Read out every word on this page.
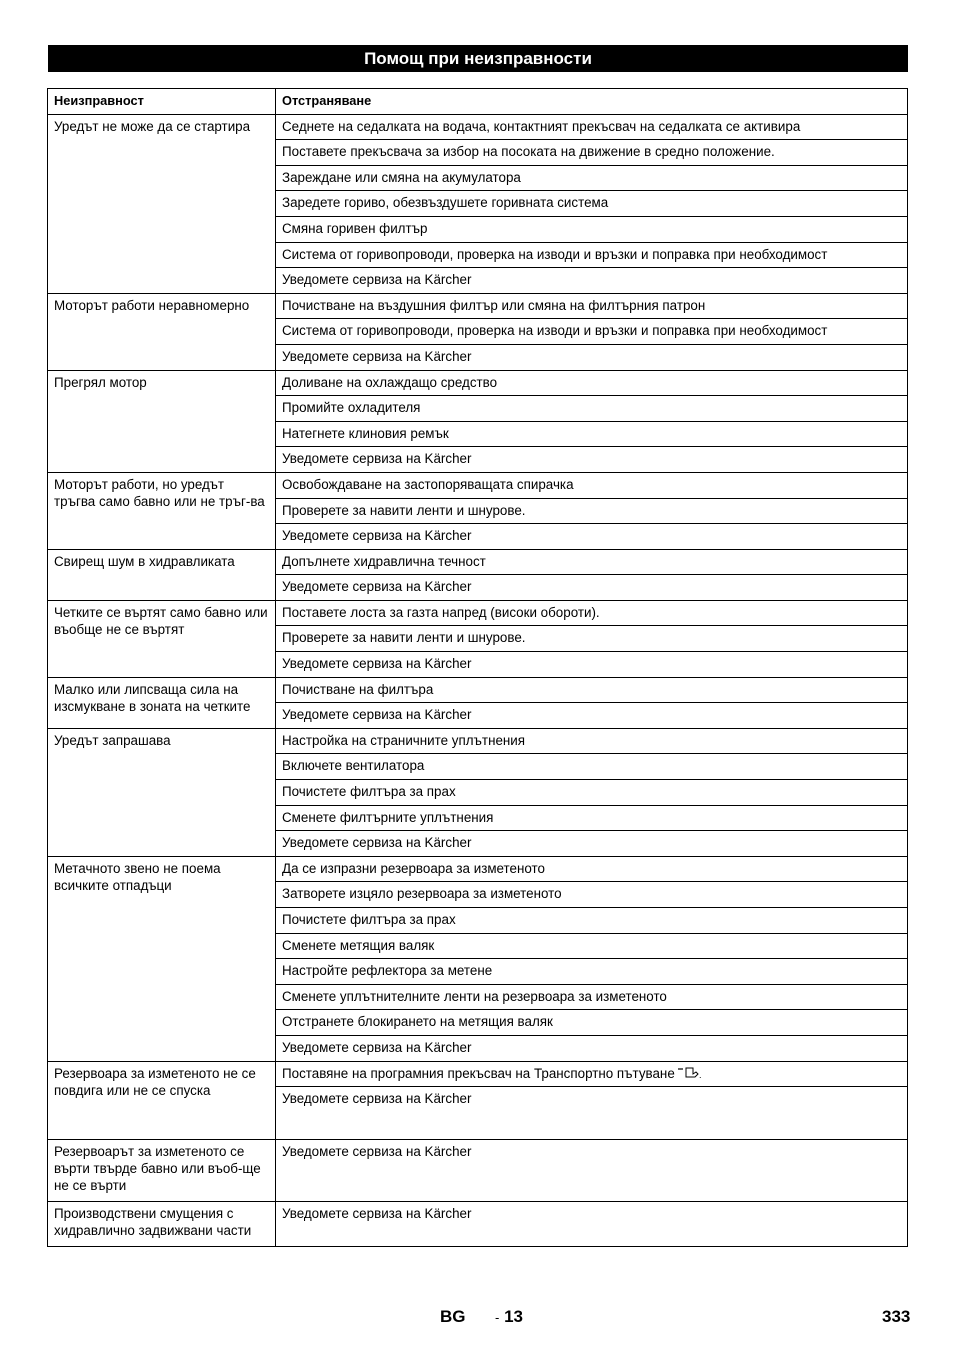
Помощ при неизправности
Неизправност	Отстраняване
Уредът не може да се стартира	Седнете на седалката на водача, контактният прекъсвач на седалката се активира
	Поставете прекъсвача за избор на посоката на движение в средно положение.
	Зареждане или смяна на акумулатора
	Заредете гориво, обезвъздушете горивната система
	Смяна горивен филтър
	Система от горивопроводи, проверка на изводи и връзки и поправка при необходимост
	Уведомете сервиза на Kärcher
Моторът работи неравномерно	Почистване на въздушния филтър или смяна на филтърния патрон
	Система от горивопроводи, проверка на изводи и връзки и поправка при необходимост
	Уведомете сервиза на Kärcher
Прегрял мотор	Доливане на охлаждащо средство
	Промийте охладителя
	Натегнете клиновия ремък
	Уведомете сервиза на Kärcher
Моторът работи, но уредът тръгва само бавно или не тръг-ва	Освобождаване на застопоряващата спирачка
	Проверете за навити ленти и шнурове.
	Уведомете сервиза на Kärcher
Свирещ шум в хидравликата	Допълнете хидравлична течност
	Уведомете сервиза на Kärcher
Четките се въртят само бавно или въобще не се въртят	Поставете лоста за газта напред (високи обороти).
	Проверете за навити ленти и шнурове.
	Уведомете сервиза на Kärcher
Малко или липсваща сила на изсмукване в зоната на четките	Почистване на филтъра
	Уведомете сервиза на Kärcher
Уредът запрашава	Настройка на страничните уплътнения
	Включете вентилатора
	Почистете филтъра за прах
	Сменете филтърните уплътнения
	Уведомете сервиза на Kärcher
Метачното звено не поема всичките отпадъци	Да се изпразни резервоара за изметеното
	Затворете изцяло резервоара за изметеното
	Почистете филтъра за прах
	Сменете метящия валяк
	Настройте рефлектора за метене
	Сменете уплътнителните ленти на резервоара за изметеното
	Отстранете блокирането на метящия валяк
	Уведомете сервиза на Kärcher
Резервоара за изметеното не се повдига или не се спуска	Поставяне на програмния прекъсвач на Транспортно пътуване .

	Уведомете сервиза на Kärcher
Резервоарът за изметеното се върти твърде бавно или въоб-ще не се върти	Уведомете сервиза на Kärcher
Производствени смущения с хидравлично задвижвани части	Уведомете сервиза на Kärcher
BG - 13	333
